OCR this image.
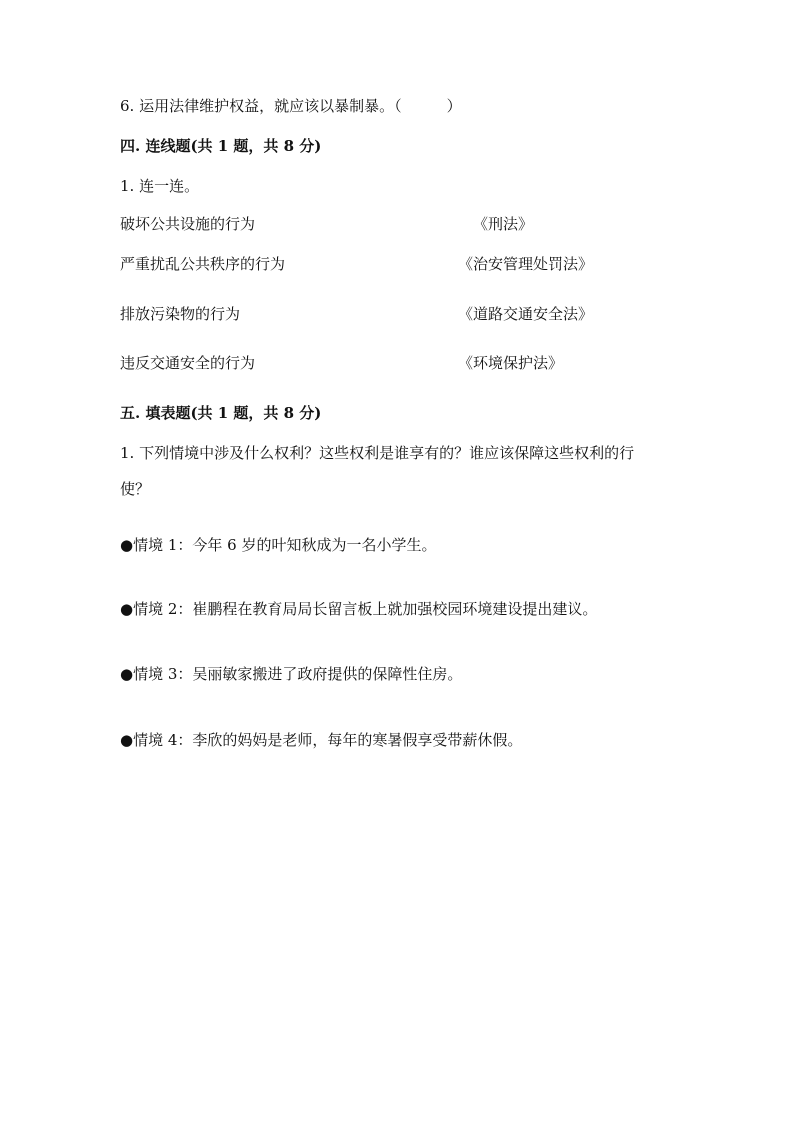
6. 运用法律维护权益，就应该以暴制暴。（　　　）
四. 连线题(共 1 题，共 8 分)
1. 连一连。
破坏公共设施的行为	《刑法》
严重扰乱公共秩序的行为	《治安管理处罚法》
排放污染物的行为	《道路交通安全法》
违反交通安全的行为	《环境保护法》
五. 填表题(共 1 题，共 8 分)
1. 下列情境中涉及什么权利？这些权利是谁享有的？谁应该保障这些权利的行
使？
●情境 1：今年 6 岁的叶知秋成为一名小学生。
●情境 2：崔鹏程在教育局局长留言板上就加强校园环境建设提出建议。
●情境 3：吴丽敏家搬进了政府提供的保障性住房。
●情境 4：李欣的妈妈是老师，每年的寒暑假享受带薪休假。
